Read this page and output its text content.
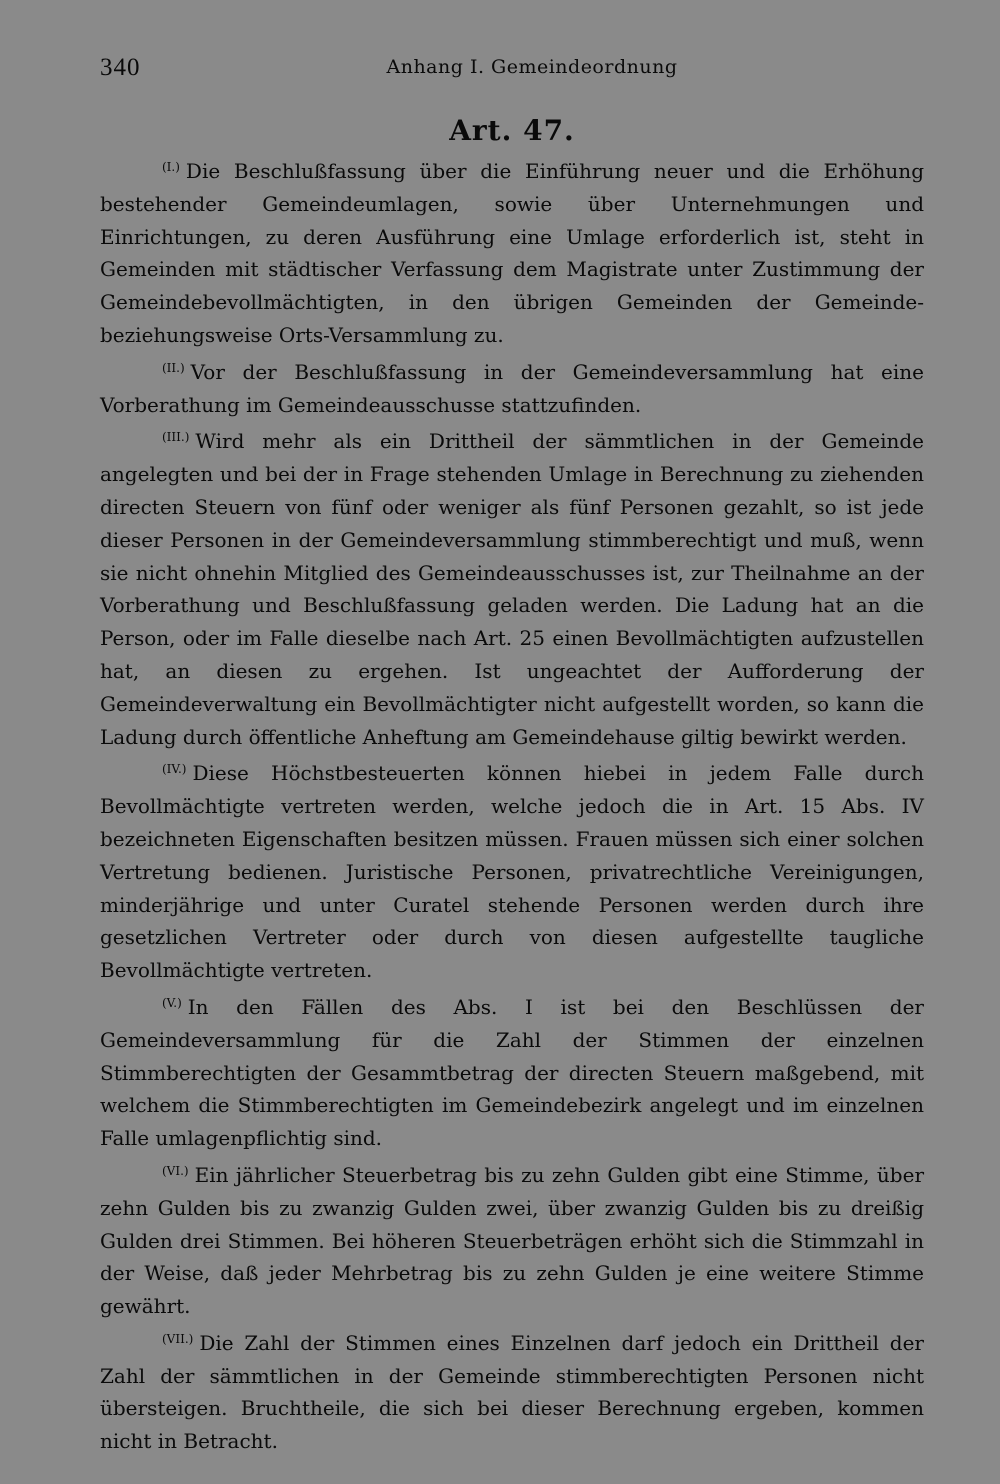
340	Anhang I. Gemeindeordnung
Art. 47.

$^{(I.)}$ Die Beschlußfassung über die Einführung neuer und die Erhöhung bestehender Gemeindeumlagen, sowie über Unternehmungen und Einrichtungen, zu deren Ausführung eine Umlage erforderlich ist, steht in Gemeinden mit städtischer Verfassung dem Magistrate unter Zustimmung der Gemeindebevollmächtigten, in den übrigen Gemeinden der Gemeinde- beziehungsweise Orts-Versammlung zu.

$^{(II.)}$ Vor der Beschlußfassung in der Gemeindeversammlung hat eine Vorberathung im Gemeindeausschusse stattzufinden.

$^{(III.)}$ Wird mehr als ein Drittheil der sämmtlichen in der Gemeinde angelegten und bei der in Frage stehenden Umlage in Berechnung zu ziehenden directen Steuern von fünf oder weniger als fünf Personen gezahlt, so ist jede dieser Personen in der Gemeindeversammlung stimmberechtigt und muß, wenn sie nicht ohnehin Mitglied des Gemeindeausschusses ist, zur Theilnahme an der Vorberathung und Beschlußfassung geladen werden. Die Ladung hat an die Person, oder im Falle dieselbe nach Art. 25 einen Bevollmächtigten aufzustellen hat, an diesen zu ergehen. Ist ungeachtet der Aufforderung der Gemeindeverwaltung ein Bevollmächtigter nicht aufgestellt worden, so kann die Ladung durch öffentliche Anheftung am Gemeindehause giltig bewirkt werden.

$^{(IV.)}$ Diese Höchstbesteuerten können hiebei in jedem Falle durch Bevollmächtigte vertreten werden, welche jedoch die in Art. 15 Abs. IV bezeichneten Eigenschaften besitzen müssen. Frauen müssen sich einer solchen Vertretung bedienen. Juristische Personen, privatrechtliche Vereinigungen, minderjährige und unter Curatel stehende Personen werden durch ihre gesetzlichen Vertreter oder durch von diesen aufgestellte taugliche Bevollmächtigte vertreten.

$^{(V.)}$ In den Fällen des Abs. I ist bei den Beschlüssen der Gemeindeversammlung für die Zahl der Stimmen der einzelnen Stimmberechtigten der Gesammtbetrag der directen Steuern maßgebend, mit welchem die Stimmberechtigten im Gemeindebezirk angelegt und im einzelnen Falle umlagenpflichtig sind.

$^{(VI.)}$ Ein jährlicher Steuerbetrag bis zu zehn Gulden gibt eine Stimme, über zehn Gulden bis zu zwanzig Gulden zwei, über zwanzig Gulden bis zu dreißig Gulden drei Stimmen. Bei höheren Steuerbeträgen erhöht sich die Stimmzahl in der Weise, daß jeder Mehrbetrag bis zu zehn Gulden je eine weitere Stimme gewährt.

$^{(VII.)}$ Die Zahl der Stimmen eines Einzelnen darf jedoch ein Drittheil der Zahl der sämmtlichen in der Gemeinde stimmberechtigten Personen nicht übersteigen. Bruchtheile, die sich bei dieser Berechnung ergeben, kommen nicht in Betracht.
